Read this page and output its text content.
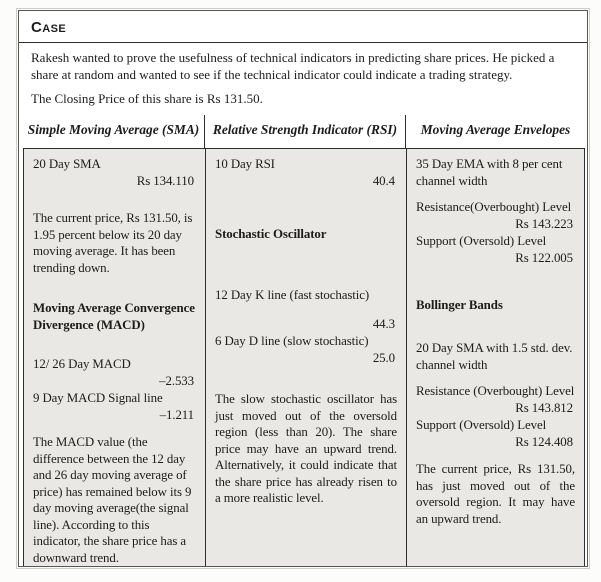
Case

Rakesh wanted to prove the usefulness of technical indicators in predicting share prices. He picked a share at random and wanted to see if the technical indicator could indicate a trading strategy.

The Closing Price of this share is Rs 131.50.

Simple Moving Average (SMA)	Relative Strength Indicator (RSI)	Moving Average Envelopes
20 Day SMA
Rs 134.110
The current price, Rs 131.50, is 1.95 percent below its 20 day moving average. It has been trending down.
Moving Average Convergence Divergence (MACD)
12/ 26 Day MACD
–2.533
9 Day MACD Signal line
–1.211
The MACD value (the difference between the 12 day and 26 day moving average of price) has remained below its 9 day moving average(the signal line). According to this indicator, the share price has a downward trend.
10 Day RSI
40.4
Stochastic Oscillator
12 Day K line (fast stochastic)
44.3
6 Day D line (slow stochastic)
25.0
The slow stochastic oscillator has just moved out of the oversold region (less than 20). The share price may have an upward trend. Alternatively, it could indicate that the share price has already risen to a more realistic level.
35 Day EMA with 8 per cent channel width
Resistance(Overbought) Level
Rs 143.223
Support (Oversold) Level
Rs 122.005
Bollinger Bands
20 Day SMA with 1.5 std. dev. channel width
Resistance (Overbought) Level
Rs 143.812
Support (Oversold) Level
Rs 124.408
The current price, Rs 131.50, has just moved out of the oversold region. It may have an upward trend.
